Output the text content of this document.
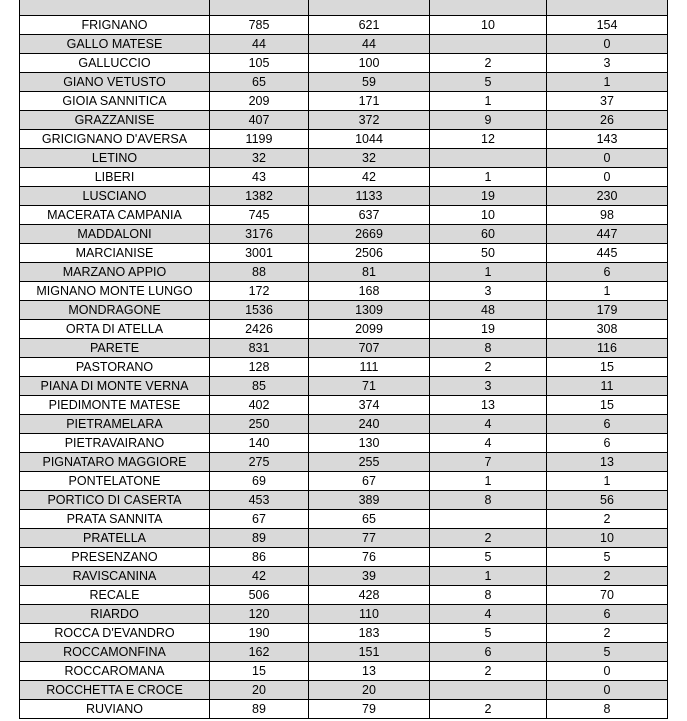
FRIGNANO	785	621	10	154
GALLO MATESE	44	44		0
GALLUCCIO	105	100	2	3
GIANO VETUSTO	65	59	5	1
GIOIA SANNITICA	209	171	1	37
GRAZZANISE	407	372	9	26
GRICIGNANO D'AVERSA	1199	1044	12	143
LETINO	32	32		0
LIBERI	43	42	1	0
LUSCIANO	1382	1133	19	230
MACERATA CAMPANIA	745	637	10	98
MADDALONI	3176	2669	60	447
MARCIANISE	3001	2506	50	445
MARZANO APPIO	88	81	1	6
MIGNANO MONTE LUNGO	172	168	3	1
MONDRAGONE	1536	1309	48	179
ORTA DI ATELLA	2426	2099	19	308
PARETE	831	707	8	116
PASTORANO	128	111	2	15
PIANA DI MONTE VERNA	85	71	3	11
PIEDIMONTE MATESE	402	374	13	15
PIETRAMELARA	250	240	4	6
PIETRAVAIRANO	140	130	4	6
PIGNATARO MAGGIORE	275	255	7	13
PONTELATONE	69	67	1	1
PORTICO DI CASERTA	453	389	8	56
PRATA SANNITA	67	65		2
PRATELLA	89	77	2	10
PRESENZANO	86	76	5	5
RAVISCANINA	42	39	1	2
RECALE	506	428	8	70
RIARDO	120	110	4	6
ROCCA D'EVANDRO	190	183	5	2
ROCCAMONFINA	162	151	6	5
ROCCAROMANA	15	13	2	0
ROCCHETTA E CROCE	20	20		0
RUVIANO	89	79	2	8
